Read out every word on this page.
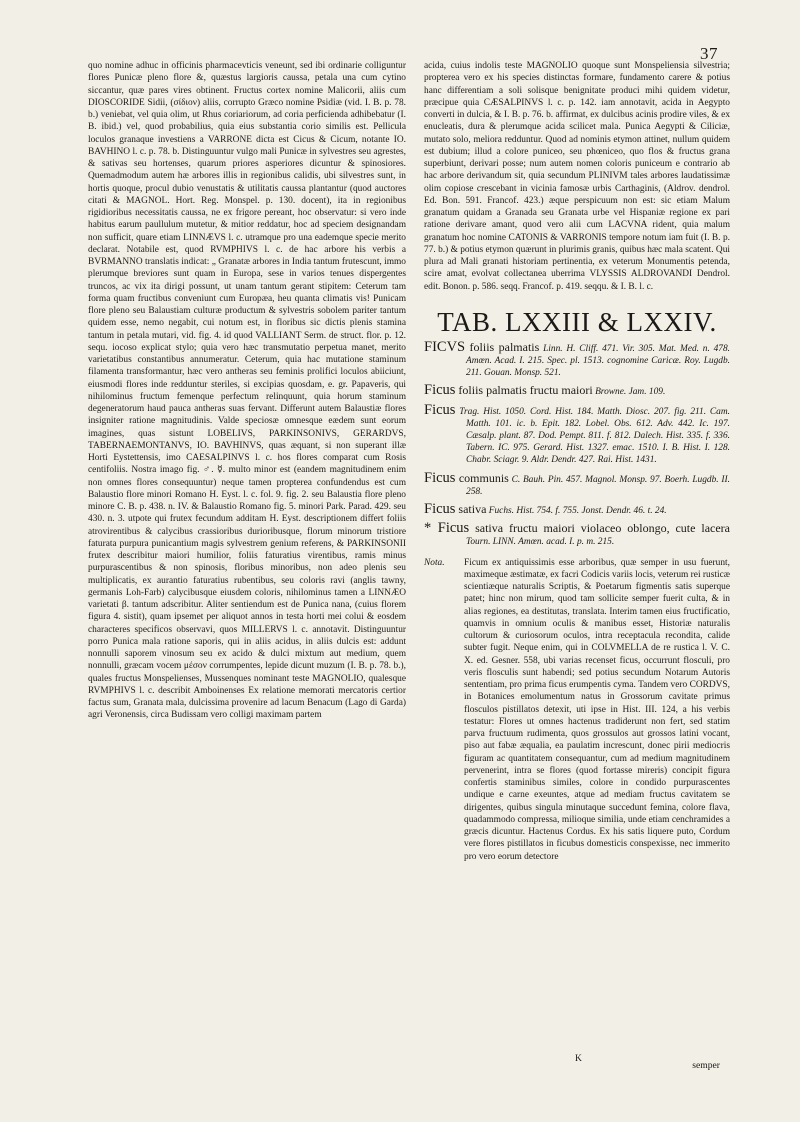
37

quo nomine adhuc in officinis pharmacevticis veneunt, sed ibi ordinarie colliguntur flores Punicæ pleno flore &, quæstus largioris caussa, petala una cum cytino siccantur, quæ pares vires obtinent. Fructus cortex nomine Malicorii, aliis cum DIOSCORIDE Sidii, (σίδιον) aliis, corrupto Græco nomine Psidiæ (vid. I. B. p. 78. b.) veniebat, vel quia olim, ut Rhus coriariorum, ad coria perficienda adhibebatur (I. B. ibid.) vel, quod probabilius, quia eius substantia corio similis est. Pellicula loculos granaque investiens a VARRONE dicta est Cicus & Cicum, notante IO. BAVHINO l. c. p. 78. b. Distinguuntur vulgo mali Punicæ in sylvestres seu agrestes, & sativas seu hortenses, quarum priores asperiores dicuntur & spinosiores. Quemadmodum autem hæ arbores illis in regionibus calidis, ubi silvestres sunt, in hortis quoque, procul dubio venustatis & utilitatis caussa plantantur (quod auctores citati & MAGNOL. Hort. Reg. Monspel. p. 130. docent), ita in regionibus rigidioribus necessitatis caussa, ne ex frigore pereant, hoc observatur: si vero inde habitus earum paullulum mutetur, & mitior reddatur, hoc ad speciem designandam non sufficit, quare etiam LINNÆVS l. c. utramque pro una eademque specie merito declarat. Notabile est, quod RVMPHIVS l. c. de hac arbore his verbis a BVRMANNO translatis indicat: „ Granatæ arbores in India tantum frutescunt, immo plerumque breviores sunt quam in Europa, sese in varios tenues dispergentes truncos, ac vix ita dirigi possunt, ut unam tantum gerant stipitem: Ceterum tam forma quam fructibus conveniunt cum Europæa, heu quanta climatis vis! Punicam flore pleno seu Balaustiam culturæ productum & sylvestris sobolem pariter tantum quidem esse, nemo negabit, cui notum est, in floribus sic dictis plenis stamina tantum in petala mutari, vid. fig. 4. id quod VALLIANT Serm. de struct. flor. p. 12. sequ. iocoso explicat stylo; quia vero hæc transmutatio perpetua manet, merito varietatibus constantibus annumeratur. Ceterum, quia hac mutatione staminum filamenta transformantur, hæc vero antheras seu feminis prolifici loculos abiiciunt, eiusmodi flores inde redduntur steriles, si excipias quosdam, e. gr. Papaveris, qui nihilominus fructum femenque perfectum relinquunt, quia horum staminum degeneratorum haud pauca antheras suas fervant. Differunt autem Balaustiæ flores insigniter ratione magnitudinis. Valde speciosæ omnesque eædem sunt eorum imagines, quas sistunt LOBELIVS, PARKINSONIVS, GERARDVS, TABERNAEMONTANVS, IO. BAVHINVS, quas æquant, si non superant illæ Horti Eystettensis, imo CAESALPINVS l. c. hos flores comparat cum Rosis centifoliis. Nostra imago fig. ♂. ☿. multo minor est (eandem magnitudinem enim non omnes flores consequuntur) neque tamen propterea confundendus est cum Balaustio flore minori Romano H. Eyst. l. c. fol. 9. fig. 2. seu Balaustia flore pleno minore C. B. p. 438. n. IV. & Balaustio Romano fig. 5. minori Park. Parad. 429. seu 430. n. 3. utpote qui frutex fecundum additam H. Eyst. descriptionem differt foliis atrovirentibus & calycibus crassioribus durioribusque, florum minorum tristiore faturata purpura punicantium magis sylvestrem genium referens, & PARKINSONII frutex describitur maiori humilior, foliis faturatius virentibus, ramis minus purpurascentibus & non spinosis, floribus minoribus, non adeo plenis seu multiplicatis, ex aurantio faturatius rubentibus, seu coloris ravi (anglis tawny, germanis Loh-Farb) calycibusque eiusdem coloris, nihilominus tamen a LINNÆO varietati β. tantum adscribitur. Aliter sentiendum est de Punica nana, (cuius florem figura 4. sistit), quam ipsemet per aliquot annos in testa horti mei colui & eosdem characteres specificos observavi, quos MILLERVS l. c. annotavit. Distinguuntur porro Punica mala ratione saporis, qui in aliis acidus, in aliis dulcis est: addunt nonnulli saporem vinosum seu ex acido & dulci mixtum aut medium, quem nonnulli, græcam vocem μέσον corrumpentes, lepide dicunt muzum (I. B. p. 78. b.), quales fructus Monspelienses, Mussenques nominant teste MAGNOLIO, qualesque RVMPHIVS l. c. describit Amboinenses Ex relatione memorati mercatoris certior factus sum, Granata mala, dulcissima provenire ad lacum Benacum (Lago di Garda) agri Veronensis, circa Budissam vero colligi maximam partem

acida, cuius indolis teste MAGNOLIO quoque sunt Monspeliensia silvestria; propterea vero ex his species distinctas formare, fundamento carere & potius hanc differentiam a soli solisque benignitate produci mihi quidem videtur, præcipue quia CÆSALPINVS l. c. p. 142. iam annotavit, acida in Aegypto converti in dulcia, & I. B. p. 76. b. affirmat, ex dulcibus acinis prodire viles, & ex enucleatis, dura & plerumque acida scilicet mala. Punica Aegypti & Ciliciæ, mutato solo, meliora redduntur. Quod ad nominis etymon attinet, nullum quidem est dubium; illud a colore puniceo, seu phœniceo, quo flos & fructus grana superbiunt, derivari posse; num autem nomen coloris puniceum e contrario ab hac arbore derivandum sit, quia secundum PLINIVM tales arbores laudatissimæ olim copiose crescebant in vicinia famosæ urbis Carthaginis, (Aldrov. dendrol. Ed. Bon. 591. Francof. 423.) æque perspicuum non est: sic etiam Malum granatum quidam a Granada seu Granata urbe vel Hispaniæ regione ex pari ratione derivare amant, quod vero alii cum LACVNA rident, quia malum granatum hoc nomine CATONIS & VARRONIS tempore notum iam fuit (I. B. p. 77. b.) & potius etymon quærunt in plurimis granis, quibus hæc mala scatent. Qui plura ad Mali granati historiam pertinentia, ex veterum Monumentis petenda, scire amat, evolvat collectanea uberrima VLYSSIS ALDROVANDI Dendrol. edit. Bonon. p. 586. seqq. Francof. p. 419. seqqu. & I. B. l. c.

TAB. LXXIII & LXXIV.
FICVS foliis palmatis Linn. H. Cliff. 471. Vir. 305. Mat. Med. n. 478. Amœn. Acad. I. 215. Spec. pl. 1513. cognomine Caricæ. Roy. Lugdb. 211. Gouan. Monsp. 521.
Ficus foliis palmatis fructu maiori Browne. Jam. 109.
Ficus Trag. Hist. 1050. Cord. Hist. 184. Matth. Diosc. 207. fig. 211. Cam. Matth. 101. ic. b. Epit. 182. Lobel. Obs. 612. Adv. 442. Ic. 197. Cæsalp. plant. 87. Dod. Pempt. 811. f. 812. Dalech. Hist. 335. f. 336. Tabern. IC. 975. Gerard. Hist. 1327. emac. 1510. I. B. Hist. I. 128. Chabr. Sciagr. 9. Aldr. Dendr. 427. Rai. Hist. 1431.
Ficus communis C. Bauh. Pin. 457. Magnol. Monsp. 97. Boerh. Lugdb. II. 258.
Ficus sativa Fuchs. Hist. 754. f. 755. Jonst. Dendr. 46. t. 24.
* Ficus sativa fructu maiori violaceo oblongo, cute lacera Tourn. LINN. Amœn. acad. I. p. m. 215.
Nota.	Ficum ex antiquissimis esse arboribus, quæ semper in usu fuerunt, maximeque æstimatæ, ex facri Codicis variis locis, veterum rei rusticæ scientiæque naturalis Scriptis, & Poetarum figmentis satis superque patet; hinc non mirum, quod tam sollicite semper fuerit culta, & in alias regiones, ea destitutas, translata. Interim tamen eius fructificatio, quamvis in omnium oculis & manibus esset, Historiæ naturalis cultorum & curiosorum oculos, intra receptacula recondita, calide subter fugit. Neque enim, qui in COLVMELLA de re rustica l. V. C. X. ed. Gesner. 558, ubi varias recenset ficus, occurrunt flosculi, pro veris flosculis sunt habendi; sed potius secundum Notarum Autoris sententiam, pro prima ficus erumpentis cyma. Tandem vero CORDVS, in Botanices emolumentum natus in Grossorum cavitate primus flosculos pistillatos detexit, uti ipse in Hist. III. 124, a his verbis testatur: Flores ut omnes hactenus tradiderunt non fert, sed statim parva fructuum rudimenta, quos grossulos aut grossos latini vocant, piso aut fabæ æqualia, ea paulatim increscunt, donec pirii mediocris figuram ac quantitatem consequantur, cum ad medium magnitudinem pervenerint, intra se flores (quod fortasse mireris) concipit figura confertis staminibus similes, colore in condido purpurascentes undique e carne exeuntes, atque ad mediam fructus cavitatem se dirigentes, quibus singula minutaque succedunt femina, colore flava, quadammodo compressa, milioque similia, unde etiam cenchramides a græcis dicuntur. Hactenus Cordus. Ex his satis liquere puto, Cordum vere flores pistillatos in ficubus domesticis conspexisse, nec immerito pro vero eorum detectore

K
semper
